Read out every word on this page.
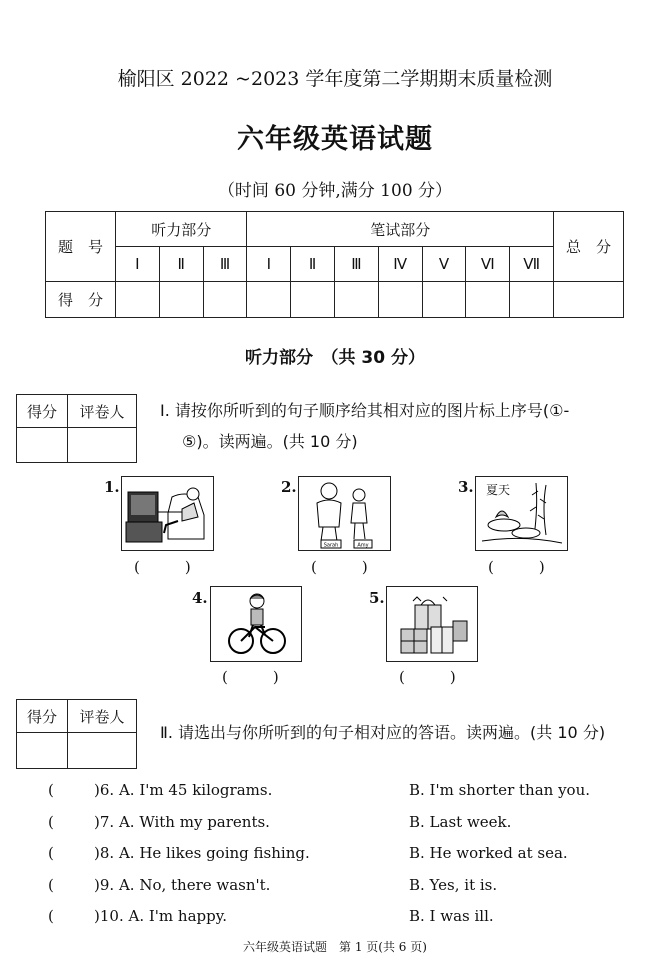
榆阳区 2022 ~2023 学年度第二学期期末质量检测
六年级英语试题
（时间 60 分钟,满分 100 分）
题　号	听力部分			笔试部分							总　分
	Ⅰ	Ⅱ	Ⅲ	Ⅰ	Ⅱ	Ⅲ	Ⅳ	Ⅴ	Ⅵ	Ⅶ	
得　分											
听力部分　（共 30 分）
得分	评卷人
	Ⅰ. 请按你所听到的句子顺序给其相对应的图片标上序号(①-
⑤)。读两遍。(共 10 分)
1.
(　　　)
2.
Sarah	Amy
(　　　)
3. 夏天
(　　　)
4.
(　　　)
5.
(　　　)
得分	评卷人

Ⅱ. 请选出与你所听到的句子相对应的答语。读两遍。(共 10 分)
(	)6. A. I'm 45 kilograms.	B. I'm shorter than you.
(	)7. A. With my parents.	B. Last week.
(	)8. A. He likes going fishing.	B. He worked at sea.
(	)9. A. No, there wasn't.	B. Yes, it is.
(	)10. A. I'm happy.	B. I was ill.
六年级英语试题　第 1 页(共 6 页)
